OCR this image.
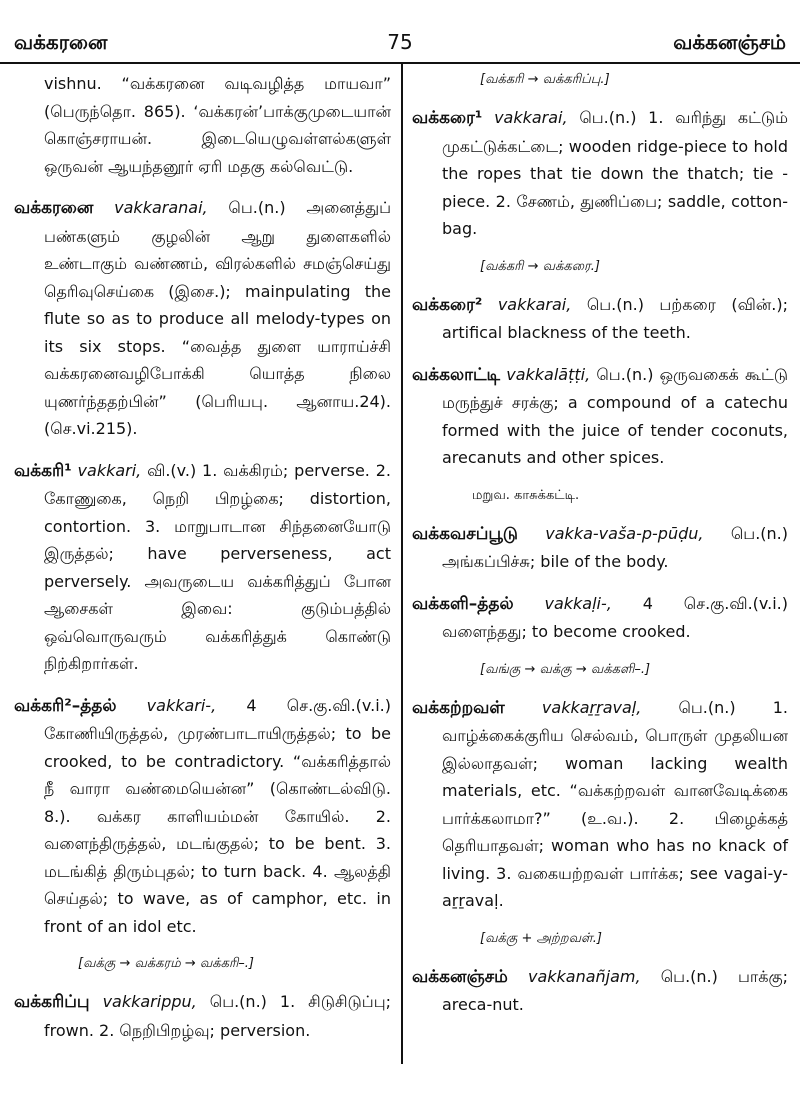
வக்கரனை	75	வக்கனஞ்சம்

vishnu. “வக்கரனை வடிவழித்த மாயவா” (பெருந்தொ. 865). ‘வக்கரன்’பாக்குமுடையான் கொஞ்சராயன். இடையெழுவள்ளல்களுள் ஒருவன் ஆயந்தனூர் ஏரி மதகு கல்வெட்டு.

வக்கரனை vakkaranai, பெ.(n.) அனைத்துப் பண்களும் குழலின் ஆறு துளைகளில் உண்டாகும் வண்ணம், விரல்களில் சமஞ்செய்து தெரிவுசெய்கை (இசை.); mainpulating the flute so as to produce all melody-types on its six stops. “வைத்த துளை யாராய்ச்சி வக்கரனைவழிபோக்கி யொத்த நிலை யுணர்ந்ததற்பின்” (பெரியபு. ஆனாய.24). (செ.vi.215).

வக்கரி¹ vakkari, வி.(v.) 1. வக்கிரம்; perverse. 2. கோணுகை, நெறி பிறழ்கை; distortion, contortion. 3. மாறுபாடான சிந்தனையோடு இருத்தல்; have perverseness, act perversely. அவருடைய வக்கரித்துப் போன ஆசைகள் இவை: குடும்பத்தில் ஒவ்வொருவரும் வக்கரித்துக் கொண்டு நிற்கிறார்கள்.

வக்கரி²–த்தல் vakkari-, 4 செ.கு.வி.(v.i.) கோணியிருத்தல், முரண்பாடாயிருத்தல்; to be crooked, to be contradictory. “வக்கரித்தால் நீ வாரா வண்மையென்ன” (கொண்டல்விடு. 8.). வக்கர காளியம்மன் கோயில். 2. வளைந்திருத்தல், மடங்குதல்; to be bent. 3. மடங்கித் திரும்புதல்; to turn back. 4. ஆலத்தி செய்தல்; to wave, as of camphor, etc. in front of an idol etc.

[வக்கு → வக்கரம் → வக்கரி–.]

வக்கரிப்பு vakkarippu, பெ.(n.) 1. சிடுசிடுப்பு; frown. 2. நெறிபிறழ்வு; perversion.

[வக்கரி → வக்கரிப்பு.]

வக்கரை¹ vakkarai, பெ.(n.) 1. வரிந்து கட்டும் முகட்டுக்கட்டை; wooden ridge-piece to hold the ropes that tie down the thatch; tie -piece. 2. சேணம், துணிப்பை; saddle, cotton-bag.

[வக்கரி → வக்கரை.]

வக்கரை² vakkarai, பெ.(n.) பற்கரை (வின்.); artifical blackness of the teeth.

வக்கலாட்டி vakkalāṭṭi, பெ.(n.) ஒருவகைக் கூட்டு மருந்துச் சரக்கு; a compound of a catechu formed with the juice of tender coconuts, arecanuts and other spices.

மறுவ. காசுக்கட்டி.

வக்கவசப்பூடு vakka-vaša-p-pūḍu, பெ.(n.) அங்கப்பிச்சு; bile of the body.

வக்களி–த்தல் vakkaḷi-, 4 செ.கு.வி.(v.i.) வளைந்தது; to become crooked.

[வங்கு → வக்கு → வக்களி–.]

வக்கற்றவள் vakkaṟṟavaḷ, பெ.(n.) 1. வாழ்க்கைக்குரிய செல்வம், பொருள் முதலியன இல்லாதவள்; woman lacking wealth materials, etc. “வக்கற்றவள் வானவேடிக்கை பார்க்கலாமா?” (உ.வ.). 2. பிழைக்கத் தெரியாதவள்; woman who has no knack of living. 3. வகையற்றவள் பார்க்க; see vagai-y-aṟṟavaḷ.

[வக்கு + அற்றவள்.]

வக்கனஞ்சம் vakkanañjam, பெ.(n.) பாக்கு; areca-nut.
